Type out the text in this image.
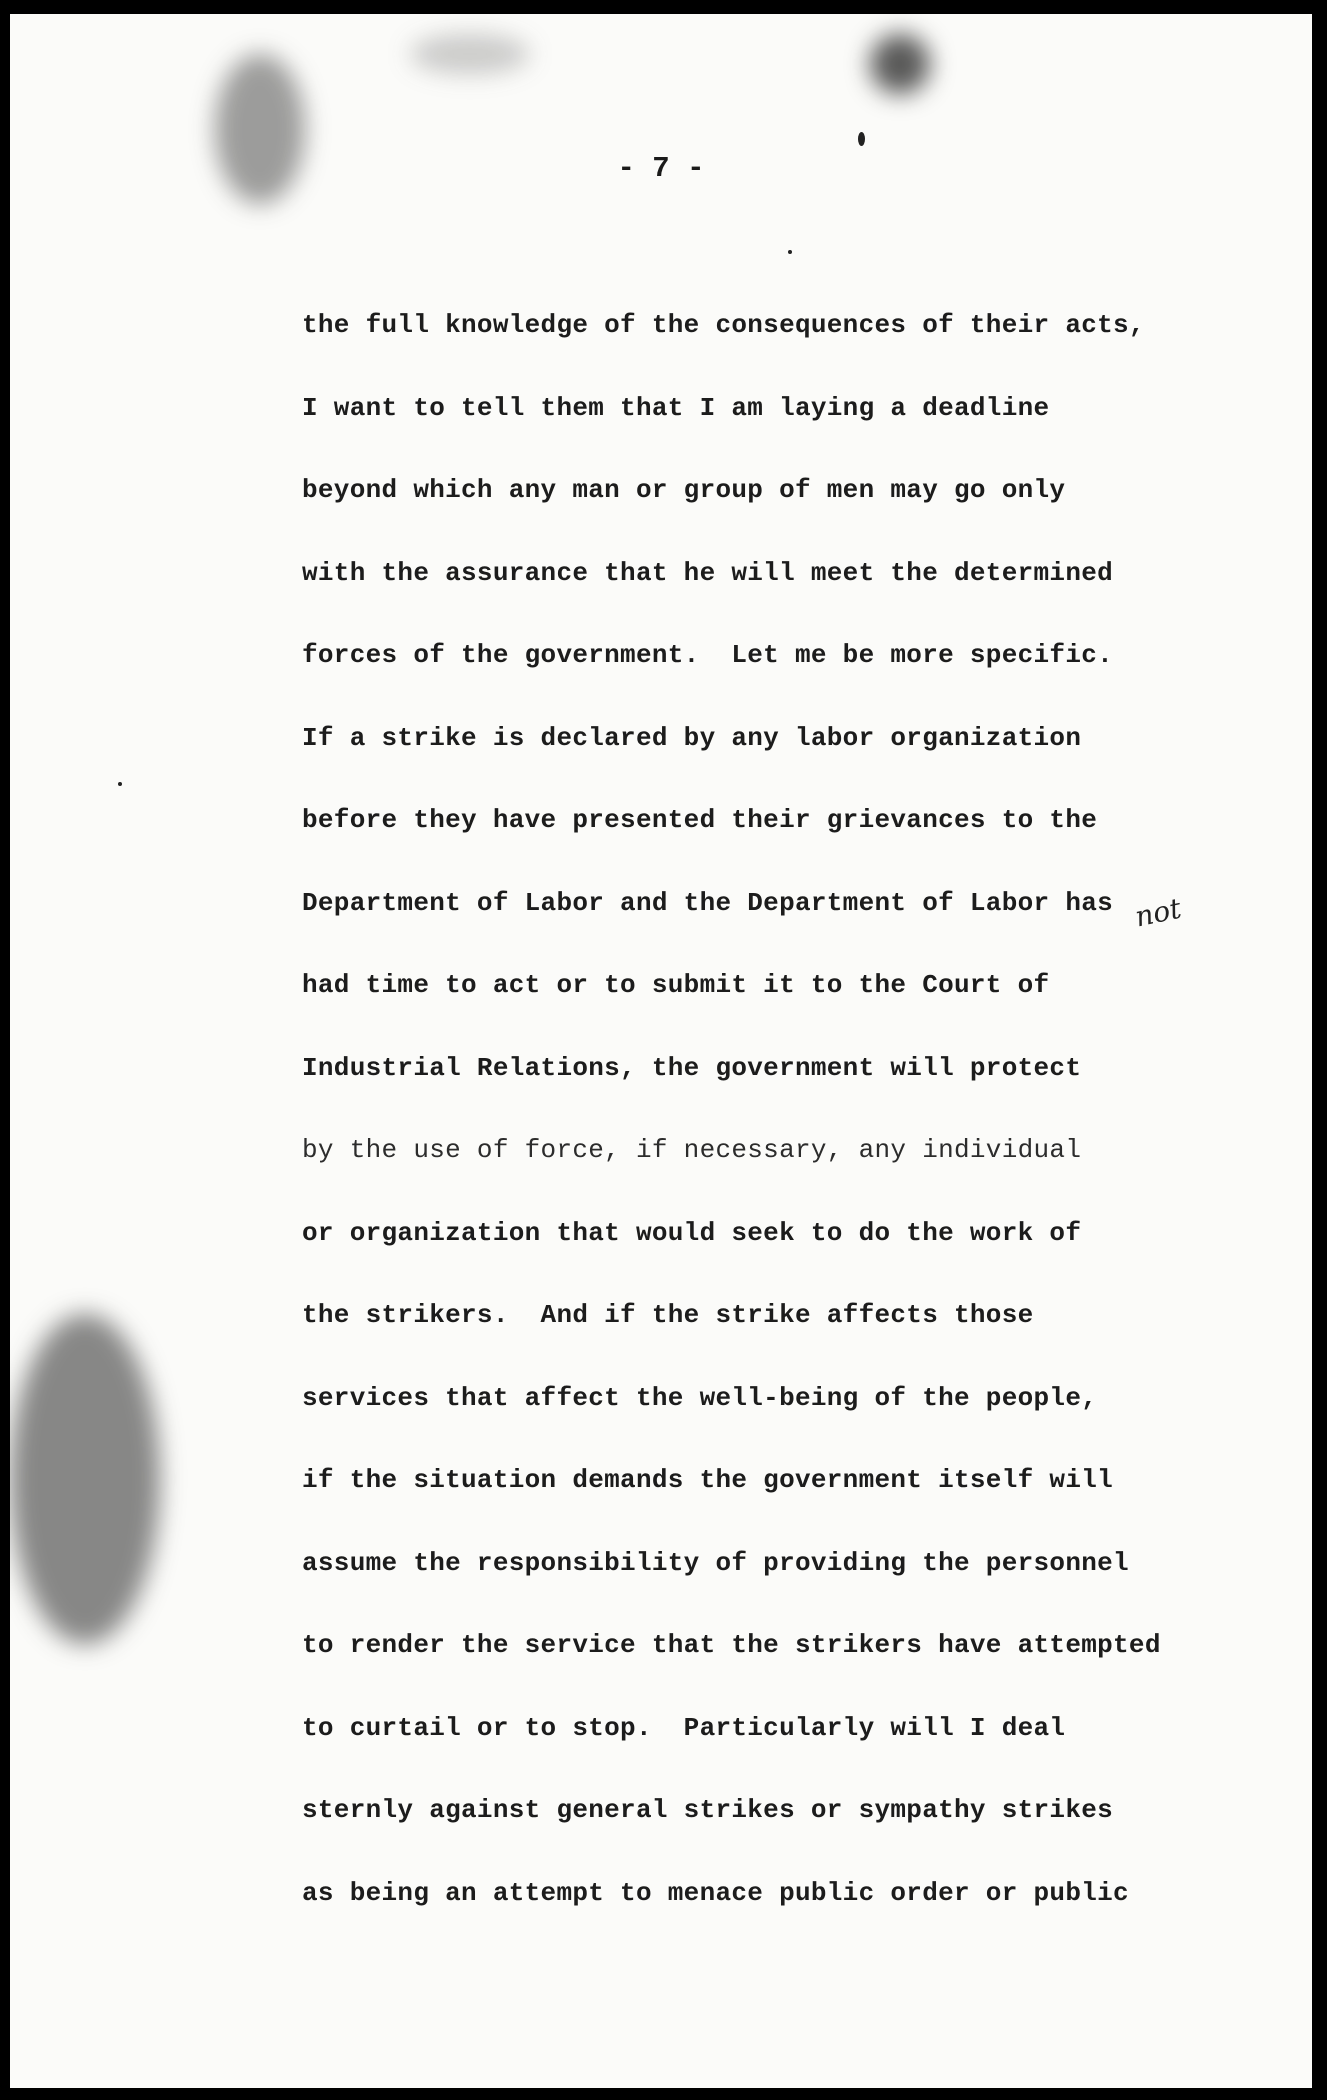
- 7 -

the full knowledge of the consequences of their acts,
I want to tell them that I am laying a deadline
beyond which any man or group of men may go only
with the assurance that he will meet the determined
forces of the government.  Let me be more specific.
If a strike is declared by any labor organization
before they have presented their grievances to the
Department of Labor and the Department of Labor has
had time to act or to submit it to the Court of
Industrial Relations, the government will protect
by the use of force, if necessary, any individual
or organization that would seek to do the work of
the strikers.  And if the strike affects those
services that affect the well-being of the people,
if the situation demands the government itself will
assume the responsibility of providing the personnel
to render the service that the strikers have attempted
to curtail or to stop.  Particularly will I deal
sternly against general strikes or sympathy strikes
as being an attempt to menace public order or public
not
